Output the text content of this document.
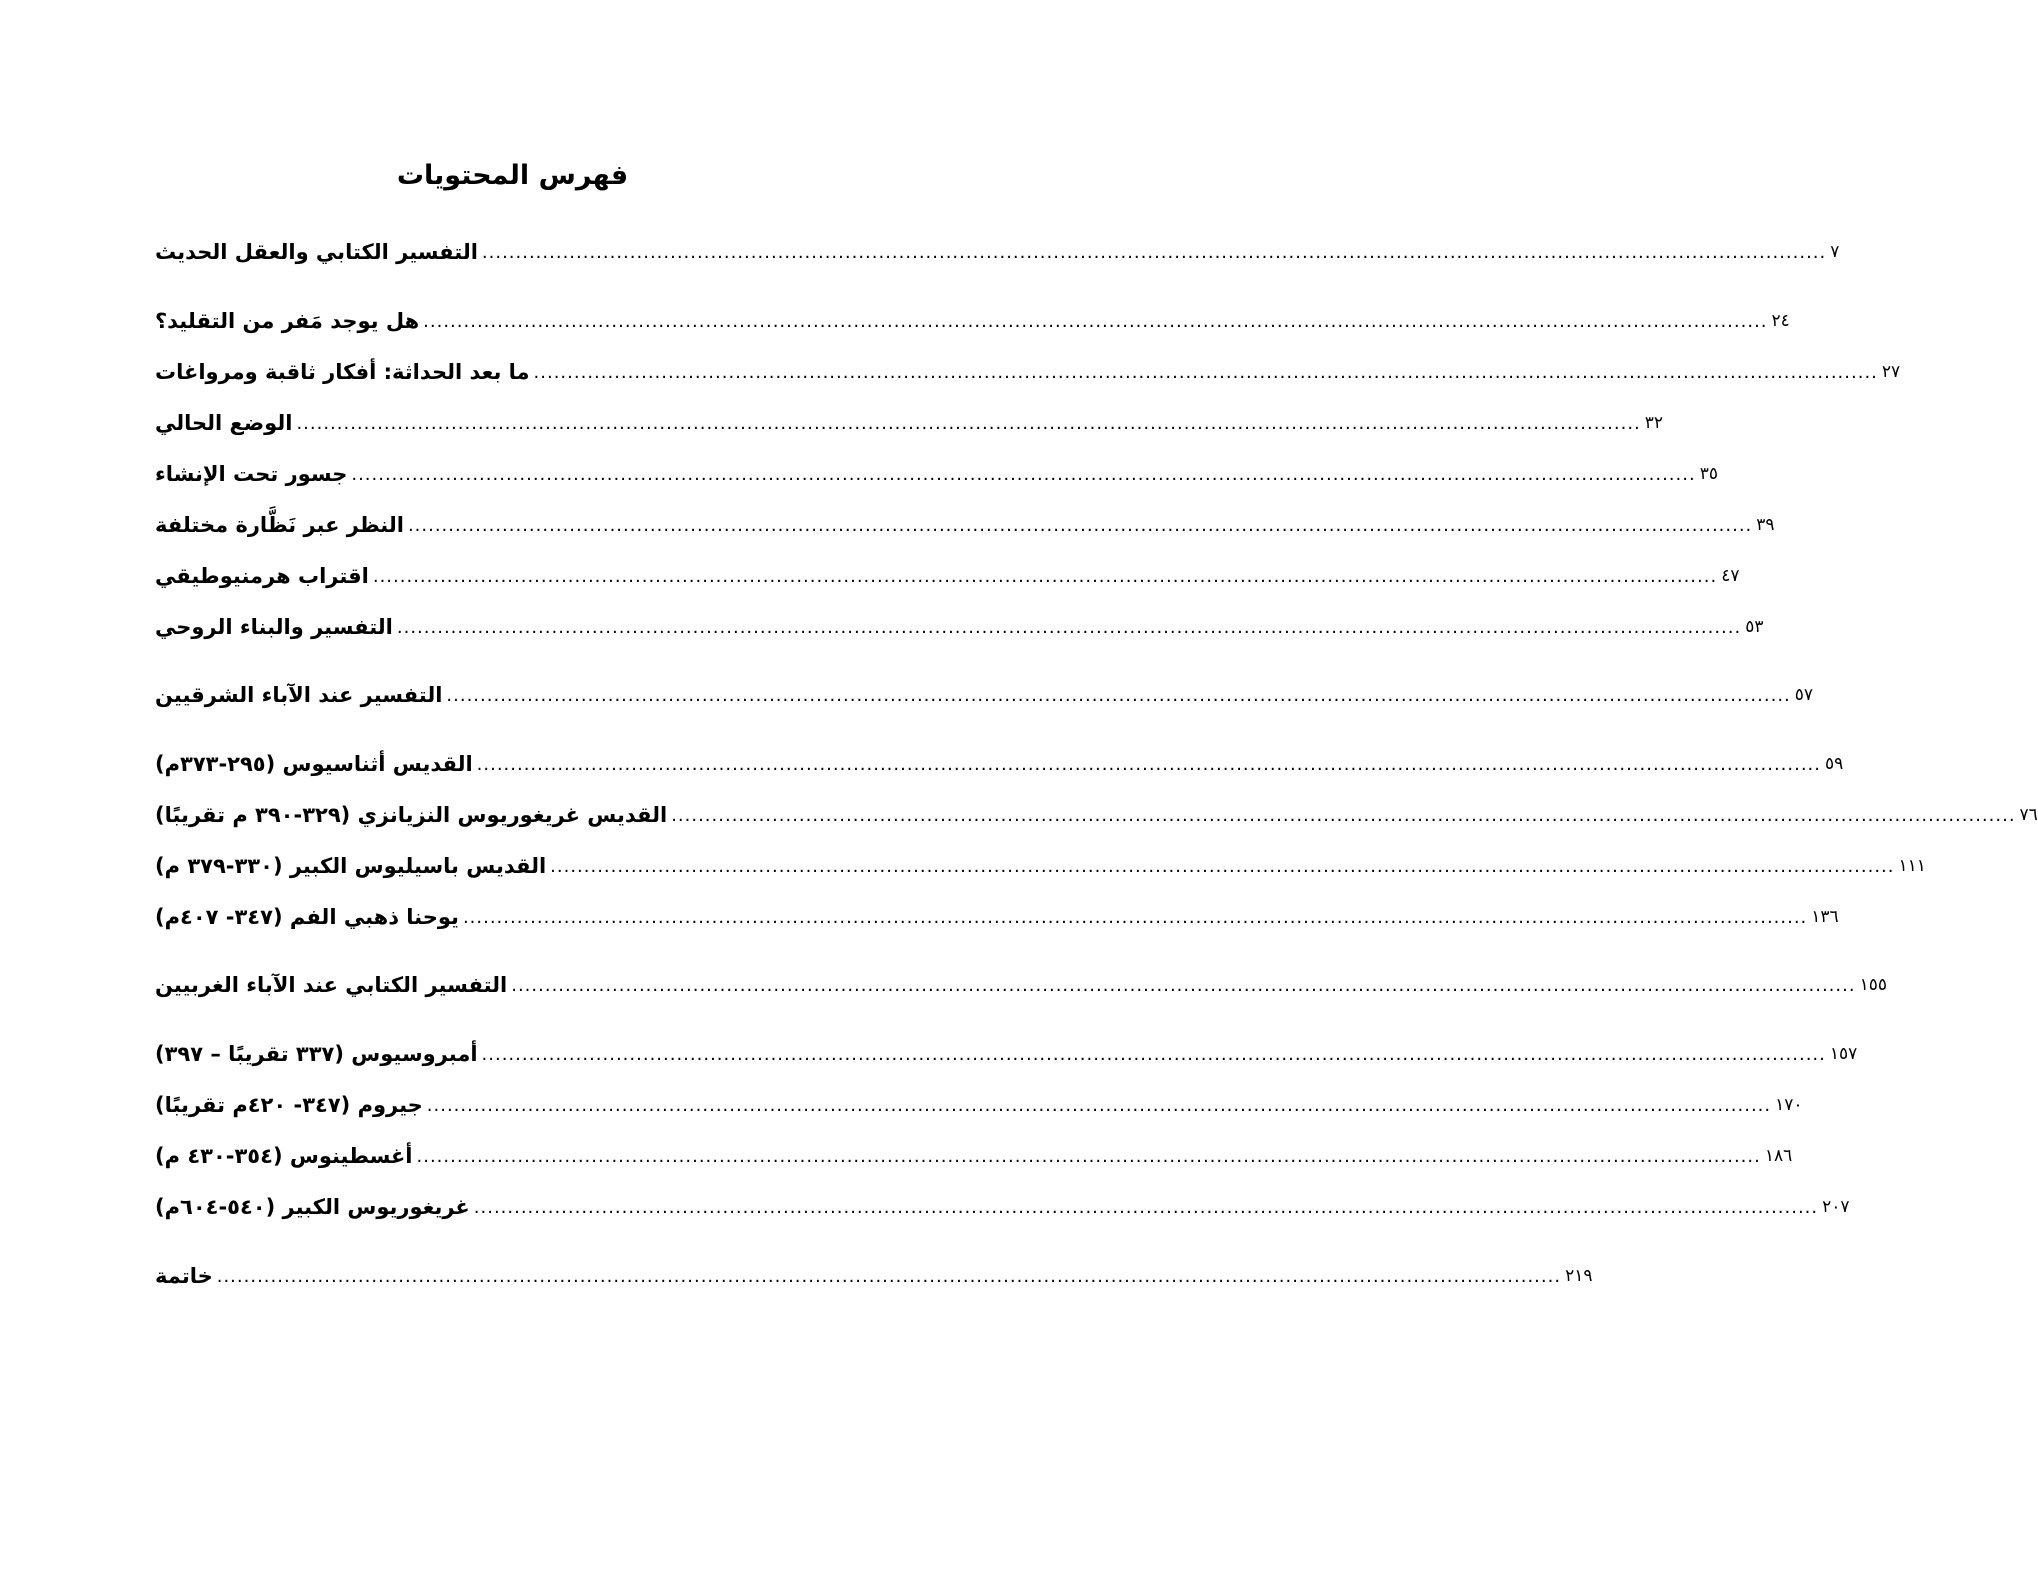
فهرس المحتويات
التفسير الكتابي والعقل الحديث ........................................................................................................................................................................................................ ٧
هل يوجد مَفر من التقليد؟ ........................................................................................................................................................................................................ ٢٤
ما بعد الحداثة: أفكار ثاقبة ومرواغات ........................................................................................................................................................................................................ ٢٧
الوضع الحالي ........................................................................................................................................................................................................ ٣٢
جسور تحت الإنشاء ........................................................................................................................................................................................................ ٣٥
النظر عبر نَظَّارة مختلفة ........................................................................................................................................................................................................ ٣٩
اقتراب هرمنيوطيقي ........................................................................................................................................................................................................ ٤٧
التفسير والبناء الروحي ........................................................................................................................................................................................................ ٥٣
التفسير عند الآباء الشرقيين ........................................................................................................................................................................................................ ٥٧
القديس أثناسيوس (٢٩٥-٣٧٣م) ........................................................................................................................................................................................................ ٥٩
القديس غريغوريوس النزيانزي (٣٢٩-٣٩٠ م تقريبًا) ........................................................................................................................................................................................................ ٧٦
القديس باسيليوس الكبير (٣٣٠-٣٧٩ م) ........................................................................................................................................................................................................ ١١١
يوحنا ذهبي الفم (٣٤٧- ٤٠٧م) ........................................................................................................................................................................................................ ١٣٦
التفسير الكتابي عند الآباء الغربيين ........................................................................................................................................................................................................ ١٥٥
أمبروسيوس (٣٣٧ تقريبًا – ٣٩٧) ........................................................................................................................................................................................................ ١٥٧
جيروم (٣٤٧- ٤٢٠م تقريبًا) ........................................................................................................................................................................................................ ١٧٠
أغسطينوس (٣٥٤-٤٣٠ م) ........................................................................................................................................................................................................ ١٨٦
غريغوريوس الكبير (٥٤٠-٦٠٤م) ........................................................................................................................................................................................................ ٢٠٧
خاتمة ........................................................................................................................................................................................................ ٢١٩
